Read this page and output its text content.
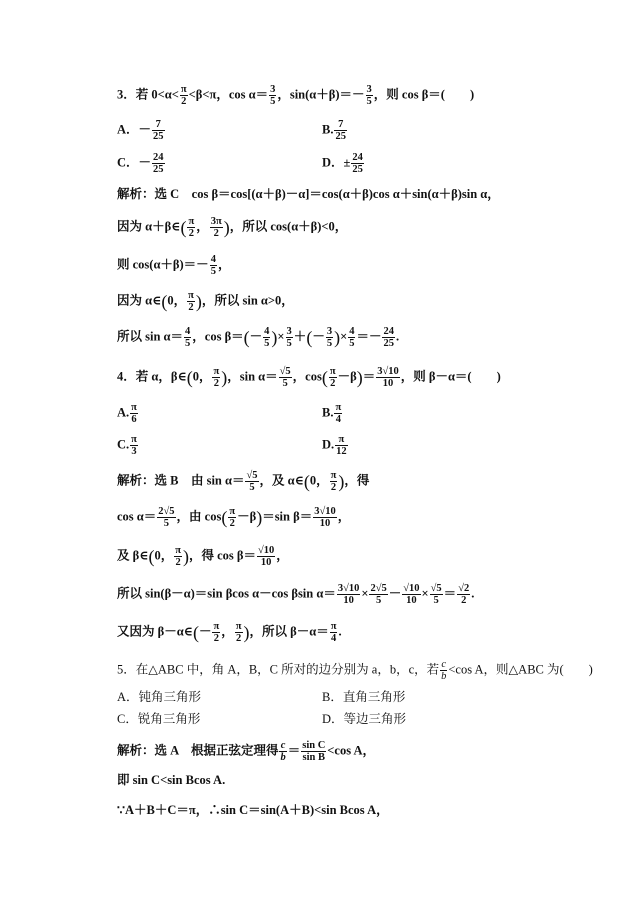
3．若 $0<\alpha< \frac{\pi}{2} <\beta<\pi$，$\cos \alpha= \frac{3}{5}$ ，$\sin(\alpha+\beta)=- \frac{3}{5}$ ，则 cos β＝(　　)
A．－ $\frac{7}{25}$	B. $\frac{7}{25}$
C．－ $\frac{24}{25}$	D．± $\frac{24}{25}$
解析：选 C　cos β＝cos[(α＋β)－α]＝cos(α＋β)cos α＋sin(α＋β)sin α，
因为 α＋β∈( $\frac{\pi}{2}$ ， $\frac{3\pi}{2}$ )，所以 cos(α＋β)<0，
则 $\cos(\alpha+\beta)=- \frac{4}{5}$ ，
因为 α∈(0， $\frac{\pi}{2}$ )，所以 sin α>0，
所以 $\sin \alpha= \frac{4}{5}$ ，$\cos \beta=(- \frac{4}{5}$ )× $\frac{3}{5}$ ＋(－ $\frac{3}{5}$ )× $\frac{4}{5} =- \frac{24}{25}$ .
4．若 α，β∈(0， $\frac{\pi}{2}$ )，$\sin \alpha= \frac{√5}{5}$ ，$\cos( \frac{\pi}{2} -\beta)= \frac{3√10}{10}$ ，则 β－α＝(　　)
A. $\frac{\pi}{6}$	B. $\frac{\pi}{4}$
C. $\frac{\pi}{3}$	D. $\frac{\pi}{12}$
解析：选 B　由 $\sin \alpha= \frac{√5}{5}$ ，及 α∈(0， $\frac{\pi}{2}$ )，得
$\cos \alpha= \frac{2√5}{5}$ ，由 $\cos( \frac{\pi}{2} -\beta)=\sin$ $\beta= \frac{3√10}{10}$ ，
及 β∈(0， $\frac{\pi}{2}$ )，得 $\cos \beta= \frac{√10}{10}$ ，
所以 sin(β－α)＝sin βcos α－cos βsin $\alpha= \frac{3√10}{10} \times \frac{2√5}{5} - \frac{√10}{10} \times \frac{√5}{5} = \frac{√2}{2}$ .
又因为 β－α∈(－ $\frac{\pi}{2}$ ， $\frac{\pi}{2}$ )，所以 $\beta-\alpha= \frac{\pi}{4}$ .
5．在△ABC 中，角 A，B，C 所对的边分别为 a，b，c，若 $\frac{c}{b} <\cos$ A，则△ABC 为(　　)
A．钝角三角形	B．直角三角形
C．锐角三角形	D．等边三角形
解析：选 A　根据正弦定理得 $\frac{c}{b} = \frac{\text{sin C}}{\text{sin B}} <\cos$ A，
即 sin C<sin Bcos A.
∵A＋B＋C＝π，∴sin C＝sin(A＋B)<sin Bcos A，
